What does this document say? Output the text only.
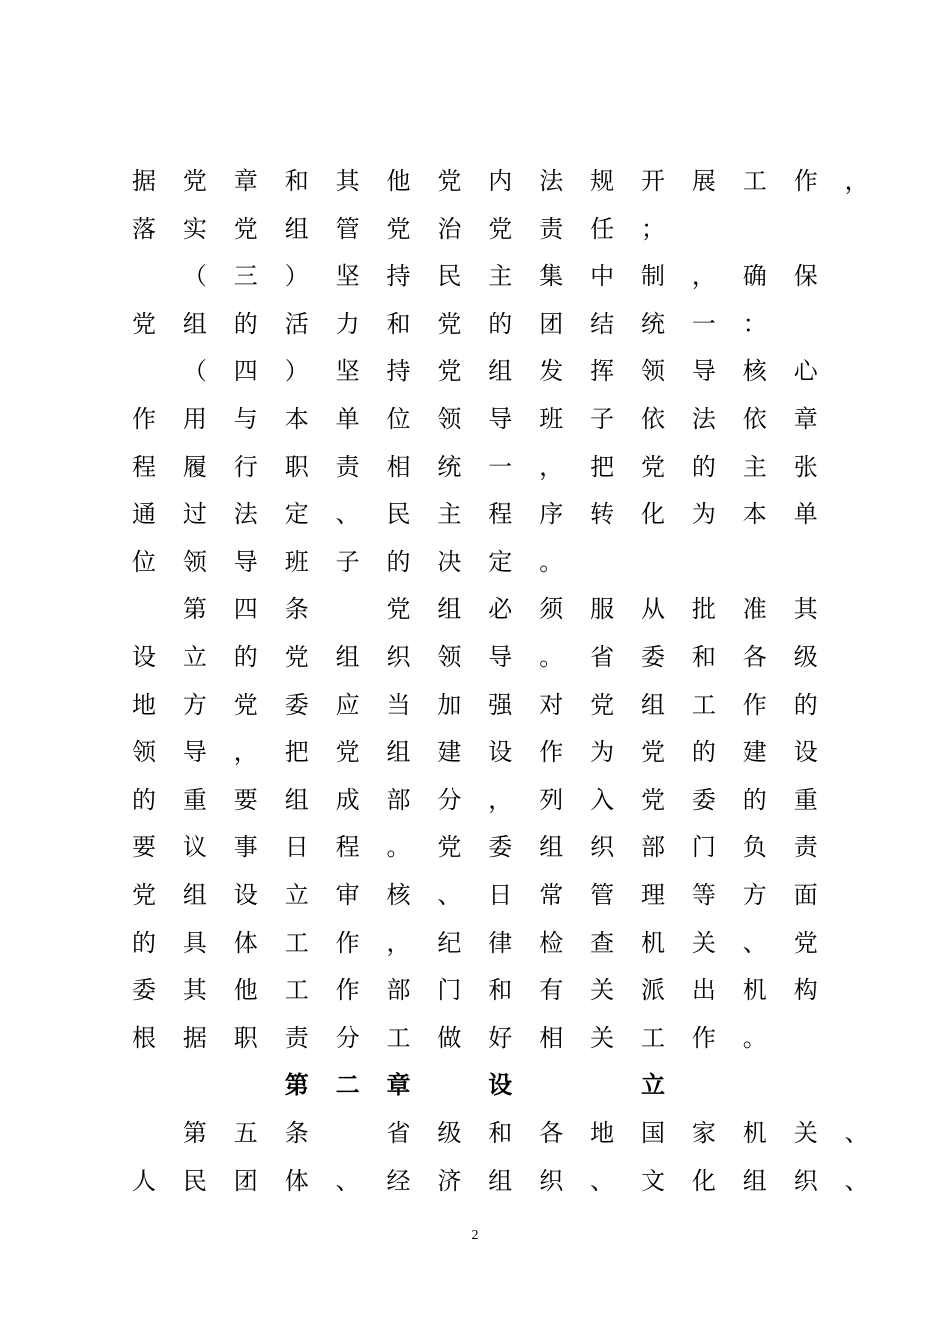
据 党 章 和 其 他 党 内 法 规 开 展 工 作 ，
落 实 党 组 管 党 治 党 责 任 ；

（ 三 ） 坚 持 民 主 集 中 制 ， 确 保
党 组 的 活 力 和 党 的 团 结 统 一 ：

（ 四 ） 坚 持 党 组 发 挥 领 导 核 心
作 用 与 本 单 位 领 导 班 子 依 法 依 章
程 履 行 职 责 相 统 一 ， 把 党 的 主 张
通 过 法 定 、 民 主 程 序 转 化 为 本 单
位 领 导 班 子 的 决 定 。

第 四 条
　	党 组 必 须 服 从 批 准 其
设 立 的 党 组 织 领 导 。 省 委 和 各 级
地 方 党 委 应 当 加 强 对 党 组 工 作 的
领 导 ， 把 党 组 建 设 作 为 党 的 建 设
的 重 要 组 成 部 分 ， 列 入 党 委 的 重
要 议 事 日 程 。 党 委 组 织 部 门 负 责
党 组 设 立 审 核 、 日 常 管 理 等 方 面
的 具 体 工 作 ， 纪 律 检 查 机 关 、 党
委 其 他 工 作 部 门 和 有 关 派 出 机 构
根 据 职 责 分 工 做 好 相 关 工 作 。

第 二 章
　	设

　	立

第 五 条
　	省 级 和 各 地 国 家 机 关 、
人 民 团 体 、 经 济 组 织 、 文 化 组 织 、
2
